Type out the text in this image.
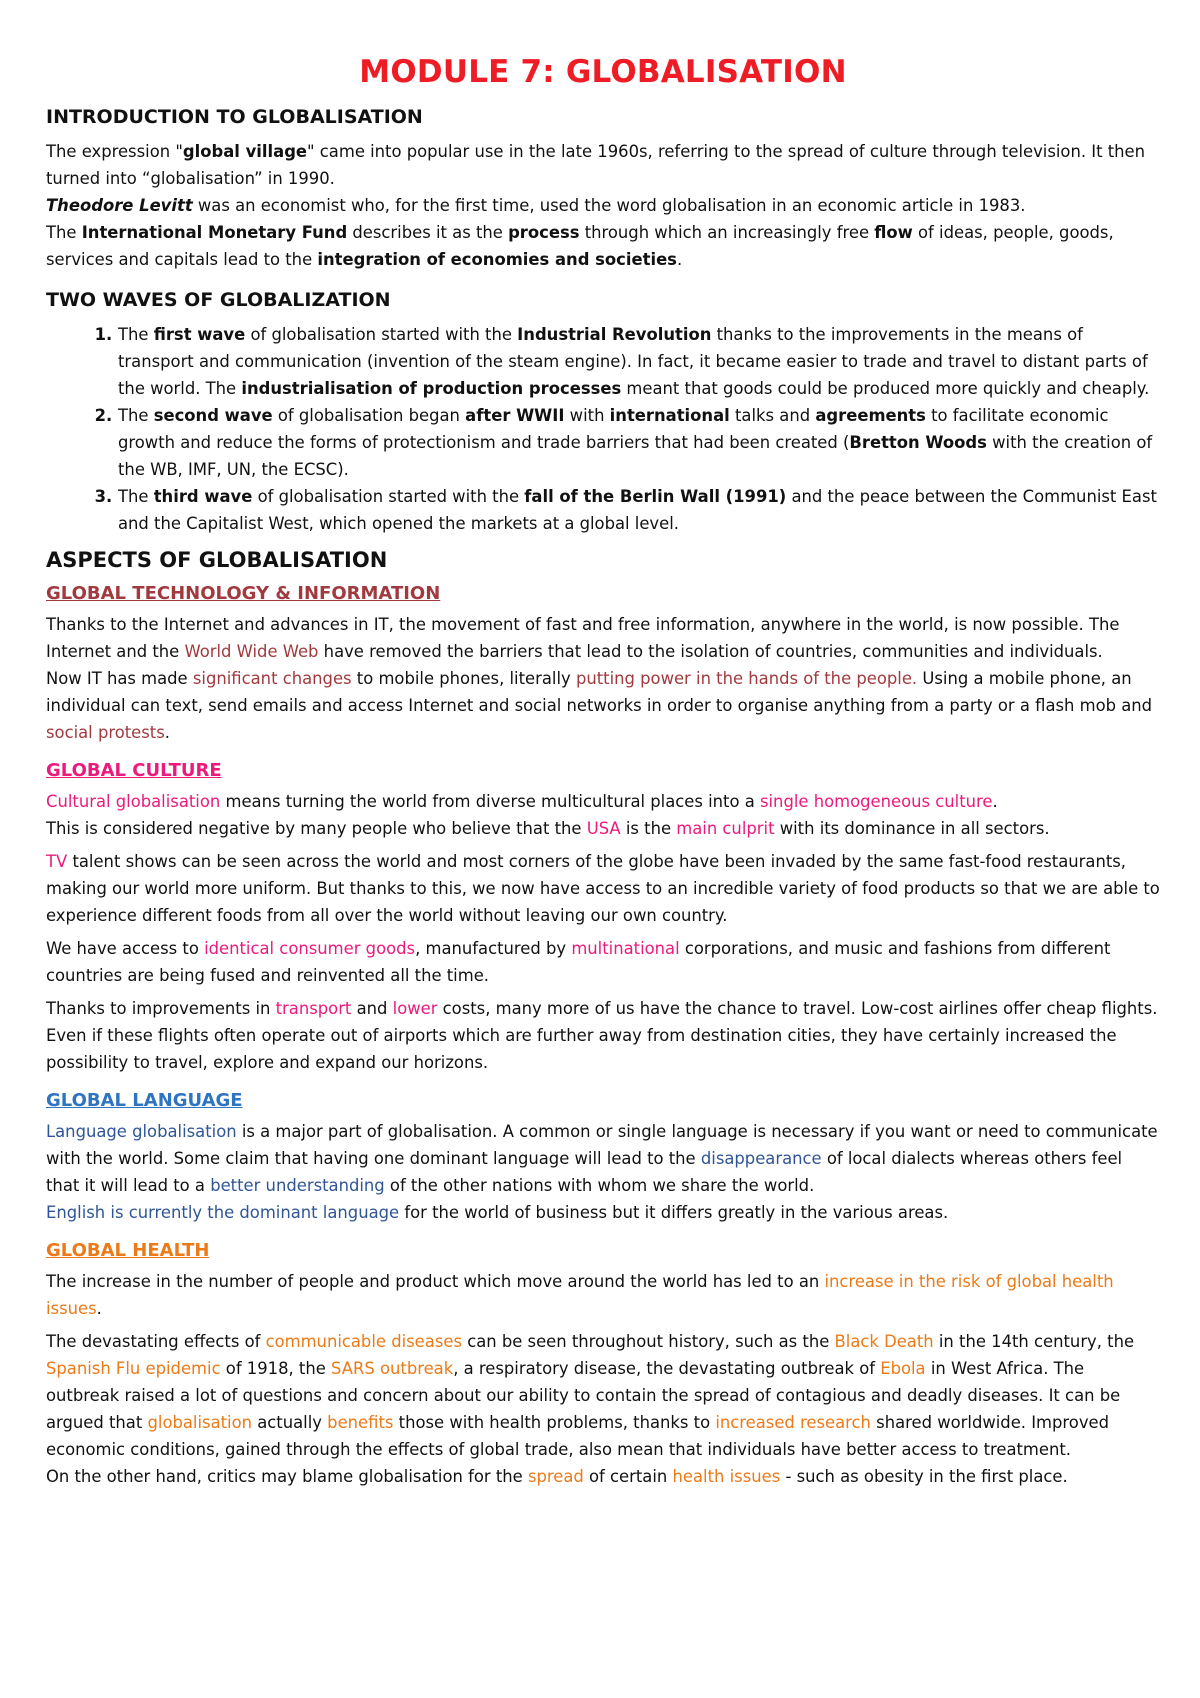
MODULE 7: GLOBALISATION
INTRODUCTION TO GLOBALISATION

The expression "global village" came into popular use in the late 1960s, referring to the spread of culture through television. It then turned into “globalisation” in 1990.

Theodore Levitt was an economist who, for the first time, used the word globalisation in an economic article in 1983.

The International Monetary Fund describes it as the process through which an increasingly free flow of ideas, people, goods, services and capitals lead to the integration of economies and societies.

TWO WAVES OF GLOBALIZATION
1. The first wave of globalisation started with the Industrial Revolution thanks to the improvements in the means of transport and communication (invention of the steam engine). In fact, it became easier to trade and travel to distant parts of the world. The industrialisation of production processes meant that goods could be produced more quickly and cheaply.
2. The second wave of globalisation began after WWII with international talks and agreements to facilitate economic growth and reduce the forms of protectionism and trade barriers that had been created (Bretton Woods with the creation of the WB, IMF, UN, the ECSC).
3. The third wave of globalisation started with the fall of the Berlin Wall (1991) and the peace between the Communist East and the Capitalist West, which opened the markets at a global level.
ASPECTS OF GLOBALISATION
GLOBAL TECHNOLOGY & INFORMATION

Thanks to the Internet and advances in IT, the movement of fast and free information, anywhere in the world, is now possible. The Internet and the World Wide Web have removed the barriers that lead to the isolation of countries, communities and individuals.

Now IT has made significant changes to mobile phones, literally putting power in the hands of the people. Using a mobile phone, an individual can text, send emails and access Internet and social networks in order to organise anything from a party or a flash mob and social protests.

GLOBAL CULTURE

Cultural globalisation means turning the world from diverse multicultural places into a single homogeneous culture.

This is considered negative by many people who believe that the USA is the main culprit with its dominance in all sectors.

TV talent shows can be seen across the world and most corners of the globe have been invaded by the same fast-food restaurants, making our world more uniform. But thanks to this, we now have access to an incredible variety of food products so that we are able to experience different foods from all over the world without leaving our own country.

We have access to identical consumer goods, manufactured by multinational corporations, and music and fashions from different countries are being fused and reinvented all the time.

Thanks to improvements in transport and lower costs, many more of us have the chance to travel. Low-cost airlines offer cheap flights. Even if these flights often operate out of airports which are further away from destination cities, they have certainly increased the possibility to travel, explore and expand our horizons.

GLOBAL LANGUAGE

Language globalisation is a major part of globalisation. A common or single language is necessary if you want or need to communicate with the world. Some claim that having one dominant language will lead to the disappearance of local dialects whereas others feel that it will lead to a better understanding of the other nations with whom we share the world.

English is currently the dominant language for the world of business but it differs greatly in the various areas.

GLOBAL HEALTH

The increase in the number of people and product which move around the world has led to an increase in the risk of global health issues.

The devastating effects of communicable diseases can be seen throughout history, such as the Black Death in the 14th century, the Spanish Flu epidemic of 1918, the SARS outbreak, a respiratory disease, the devastating outbreak of Ebola in West Africa. The outbreak raised a lot of questions and concern about our ability to contain the spread of contagious and deadly diseases. It can be argued that globalisation actually benefits those with health problems, thanks to increased research shared worldwide. Improved economic conditions, gained through the effects of global trade, also mean that individuals have better access to treatment.

On the other hand, critics may blame globalisation for the spread of certain health issues - such as obesity in the first place.
